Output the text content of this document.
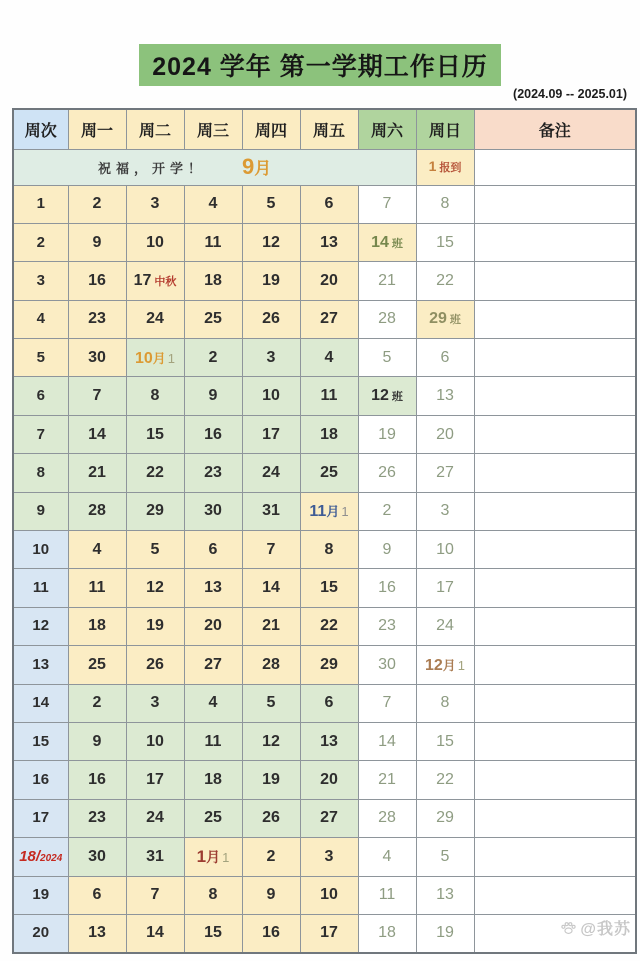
2024 学年 第一学期工作日历
(2024.09 -- 2025.01)
周次	周一	周二	周三	周四	周五	周六	周日	备注

祝福，开学！ 9月							1 报到	
1	2	3	4	5	6	7	8	
2	9	10	11	12	13	14 班	15	
3	16	17 中秋	18	19	20	21	22	
4	23	24	25	26	27	28	29 班	
5	30	10月 1	2	3	4	5	6	
6	7	8	9	10	11	12 班	13	
7	14	15	16	17	18	19	20	
8	21	22	23	24	25	26	27	
9	28	29	30	31	11月 1	2	3	
10	4	5	6	7	8	9	10	
11	11	12	13	14	15	16	17	
12	18	19	20	21	22	23	24	
13	25	26	27	28	29	30	12月 1	
14	2	3	4	5	6	7	8	
15	9	10	11	12	13	14	15	
16	16	17	18	19	20	21	22	
17	23	24	25	26	27	28	29	
18/2024	30	31	1月 1	2	3	4	5	
19	6	7	8	9	10	11	13	
20	13	14	15	16	17	18	19		@我苏
